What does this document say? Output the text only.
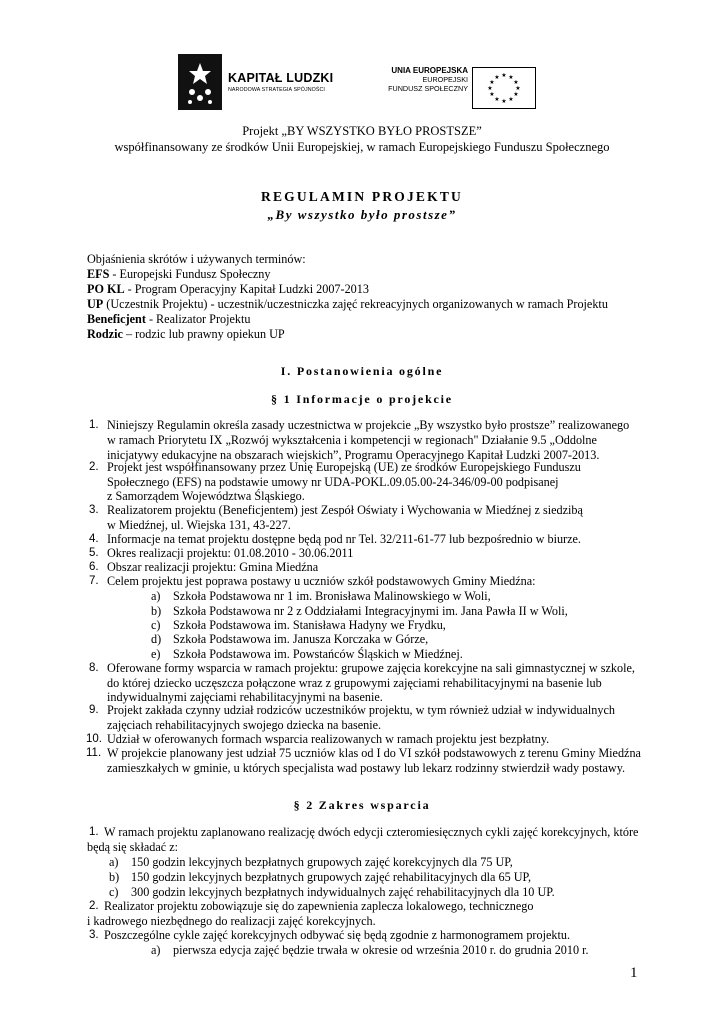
KAPITAŁ LUDZKI
NARODOWA STRATEGIA SPÓJNOŚCI
UNIA EUROPEJSKA
EUROPEJSKI
FUNDUSZ SPOŁECZNY
★ ★
★
★
★
★
★
★
★
★
★
★
Projekt „BY WSZYSTKO BYŁO PROSTSZE”
współfinansowany ze środków Unii Europejskiej, w ramach Europejskiego Funduszu Społecznego
REGULAMIN PROJEKTU
„By wszystko było prostsze”
Objaśnienia skrótów i używanych terminów:
EFS - Europejski Fundusz Społeczny
PO KL - Program Operacyjny Kapitał Ludzki 2007-2013
UP (Uczestnik Projektu) - uczestnik/uczestniczka zajęć rekreacyjnych organizowanych w ramach Projektu
Beneficjent - Realizator Projektu
Rodzic – rodzic lub prawny opiekun UP
I. Postanowienia ogólne
§ 1 Informacje o projekcie
1. Niniejszy Regulamin określa zasady uczestnictwa w projekcie „By wszystko było prostsze” realizowanego
w ramach Priorytetu IX „Rozwój wykształcenia i kompetencji w regionach" Działanie 9.5 „Oddolne
inicjatywy edukacyjne na obszarach wiejskich”, Programu Operacyjnego Kapitał Ludzki 2007-2013.
2. Projekt jest współfinansowany przez Unię Europejską (UE) ze środków Europejskiego Funduszu
Społecznego (EFS) na podstawie umowy nr UDA-POKL.09.05.00-24-346/09-00 podpisanej
z Samorządem Województwa Śląskiego.
3. Realizatorem projektu (Beneficjentem) jest Zespół Oświaty i Wychowania w Miedźnej z siedzibą
w Miedźnej, ul. Wiejska 131, 43-227.
4. Informacje na temat projektu dostępne będą pod nr Tel. 32/211-61-77 lub bezpośrednio w biurze.
5. Okres realizacji projektu: 01.08.2010 - 30.06.2011
6. Obszar realizacji projektu: Gmina Miedźna
7. Celem projektu jest poprawa postawy u uczniów szkół podstawowych Gminy Miedźna:
a) Szkoła Podstawowa nr 1 im. Bronisława Malinowskiego w Woli,
b) Szkoła Podstawowa nr 2 z Oddziałami Integracyjnymi im. Jana Pawła II w Woli,
c) Szkoła Podstawowa im. Stanisława Hadyny we Frydku,
d) Szkoła Podstawowa im. Janusza Korczaka w Górze,
e) Szkoła Podstawowa im. Powstańców Śląskich w Miedźnej.
8. Oferowane formy wsparcia w ramach projektu: grupowe zajęcia korekcyjne na sali gimnastycznej w szkole,
do której dziecko uczęszcza połączone wraz z grupowymi zajęciami rehabilitacyjnymi na basenie lub
indywidualnymi zajęciami rehabilitacyjnymi na basenie.
9. Projekt zakłada czynny udział rodziców uczestników projektu, w tym również udział w indywidualnych
zajęciach rehabilitacyjnych swojego dziecka na basenie.
10. Udział w oferowanych formach wsparcia realizowanych w ramach projektu jest bezpłatny.
11. W projekcie planowany jest udział 75 uczniów klas od I do VI szkół podstawowych z terenu Gminy Miedźna
zamieszkałych w gminie, u których specjalista wad postawy lub lekarz rodzinny stwierdził wady postawy.
§ 2 Zakres wsparcia
1. W ramach projektu zaplanowano realizację dwóch edycji czteromiesięcznych cykli zajęć korekcyjnych, które
będą się składać z:
a) 150 godzin lekcyjnych bezpłatnych grupowych zajęć korekcyjnych dla 75 UP,
b) 150 godzin lekcyjnych bezpłatnych grupowych zajęć rehabilitacyjnych dla 65 UP,
c) 300 godzin lekcyjnych bezpłatnych indywidualnych zajęć rehabilitacyjnych dla 10 UP.
2. Realizator projektu zobowiązuje się do zapewnienia zaplecza lokalowego, technicznego
i kadrowego niezbędnego do realizacji zajęć korekcyjnych.
3. Poszczególne cykle zajęć korekcyjnych odbywać się będą zgodnie z harmonogramem projektu.
a) pierwsza edycja zajęć będzie trwała w okresie od września 2010 r. do grudnia 2010 r.
1
